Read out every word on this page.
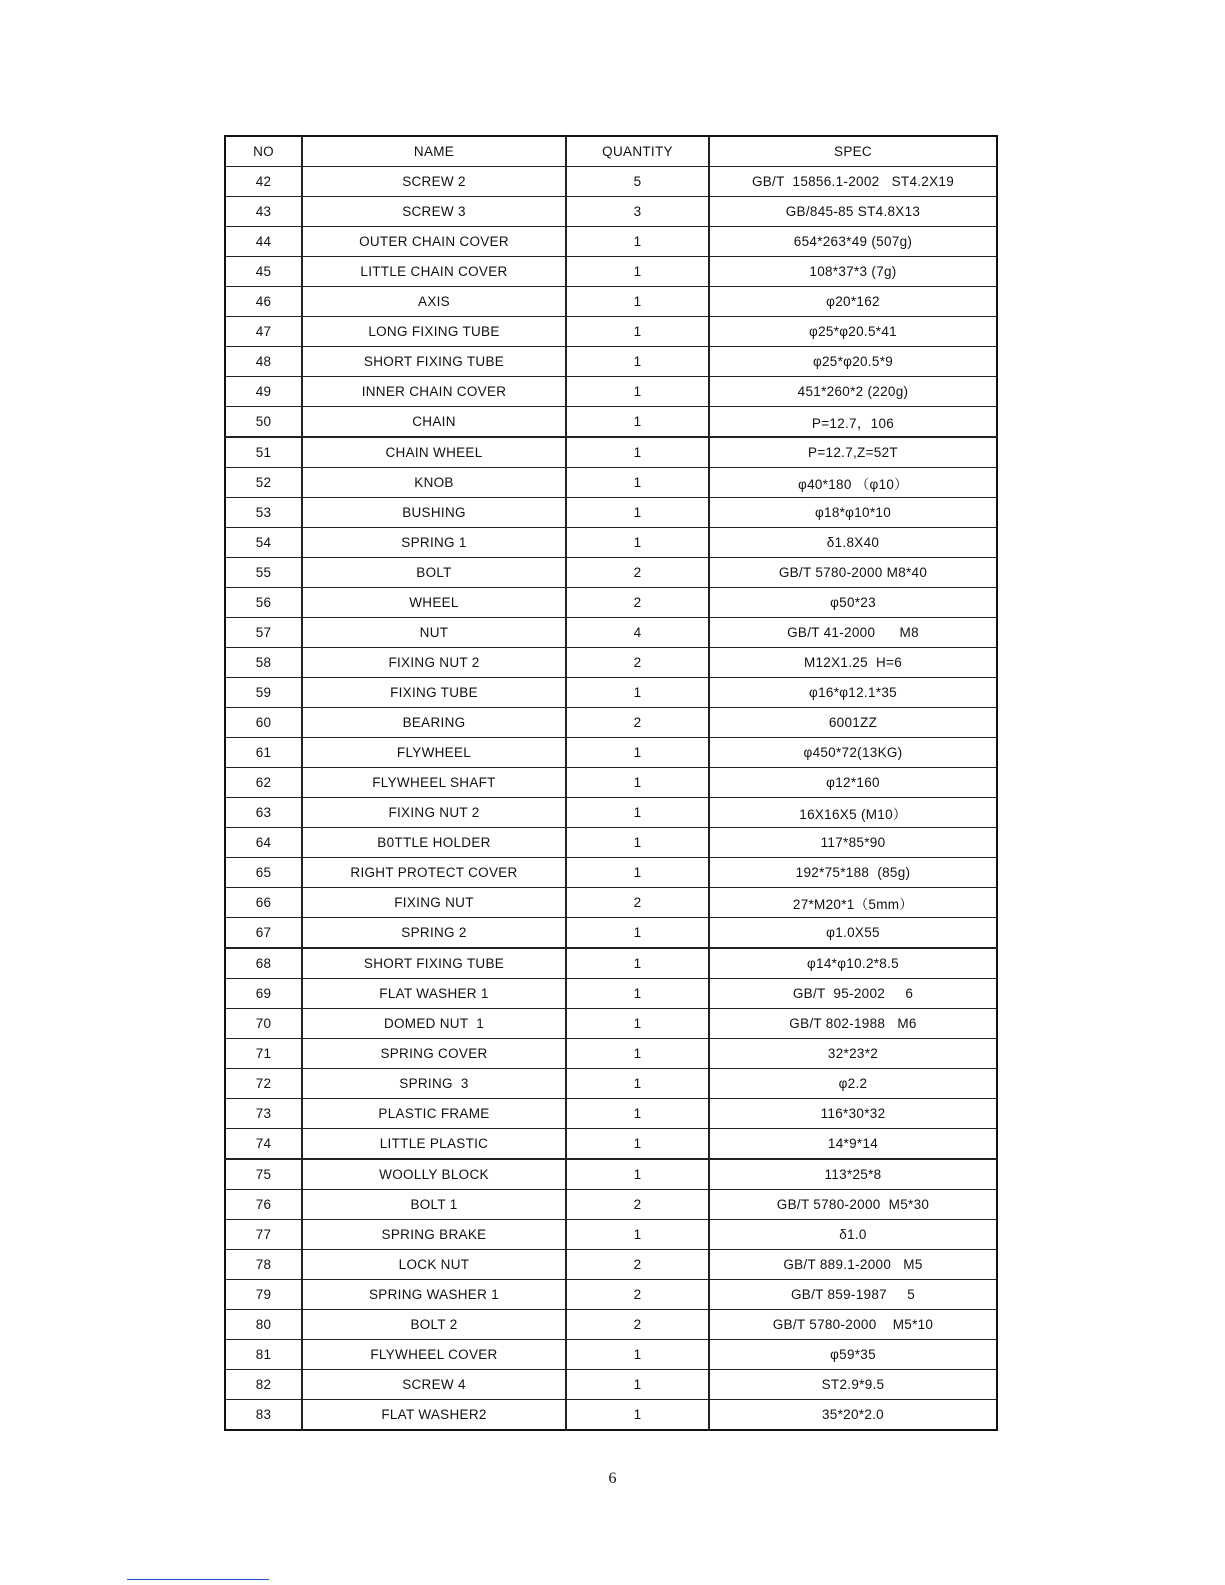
NO	NAME	QUANTITY	SPEC
42	SCREW 2	5	GB/T  15856.1-2002   ST4.2X19
43	SCREW 3	3	GB/845-85 ST4.8X13
44	OUTER CHAIN COVER	1	654*263*49 (507g)
45	LITTLE CHAIN COVER	1	108*37*3 (7g)
46	AXIS	1	φ20*162
47	LONG FIXING TUBE	1	φ25*φ20.5*41
48	SHORT FIXING TUBE	1	φ25*φ20.5*9
49	INNER CHAIN COVER	1	451*260*2 (220g)
50	CHAIN	1	P=12.7，106
51	CHAIN WHEEL	1	P=12.7,Z=52T
52	KNOB	1	φ40*180 （φ10）
53	BUSHING	1	φ18*φ10*10
54	SPRING 1	1	δ1.8X40
55	BOLT	2	GB/T 5780-2000 M8*40
56	WHEEL	2	φ50*23
57	NUT	4	GB/T 41-2000      M8
58	FIXING NUT 2	2	M12X1.25  H=6
59	FIXING TUBE	1	φ16*φ12.1*35
60	BEARING	2	6001ZZ
61	FLYWHEEL	1	φ450*72(13KG)
62	FLYWHEEL SHAFT	1	φ12*160
63	FIXING NUT 2	1	16X16X5 (M10）
64	B0TTLE HOLDER	1	117*85*90
65	RIGHT PROTECT COVER	1	192*75*188  (85g)
66	FIXING NUT	2	27*M20*1（5mm）
67	SPRING 2	1	φ1.0X55
68	SHORT FIXING TUBE	1	φ14*φ10.2*8.5
69	FLAT WASHER 1	1	GB/T  95-2002     6
70	DOMED NUT  1	1	GB/T 802-1988   M6
71	SPRING COVER	1	32*23*2
72	SPRING  3	1	φ2.2
73	PLASTIC FRAME	1	116*30*32
74	LITTLE PLASTIC	1	14*9*14
75	WOOLLY BLOCK	1	113*25*8
76	BOLT 1	2	GB/T 5780-2000  M5*30
77	SPRING BRAKE	1	δ1.0
78	LOCK NUT	2	GB/T 889.1-2000   M5
79	SPRING WASHER 1	2	GB/T 859-1987     5
80	BOLT 2	2	GB/T 5780-2000    M5*10
81	FLYWHEEL COVER	1	φ59*35
82	SCREW 4	1	ST2.9*9.5
83	FLAT WASHER2	1	35*20*2.0
6
